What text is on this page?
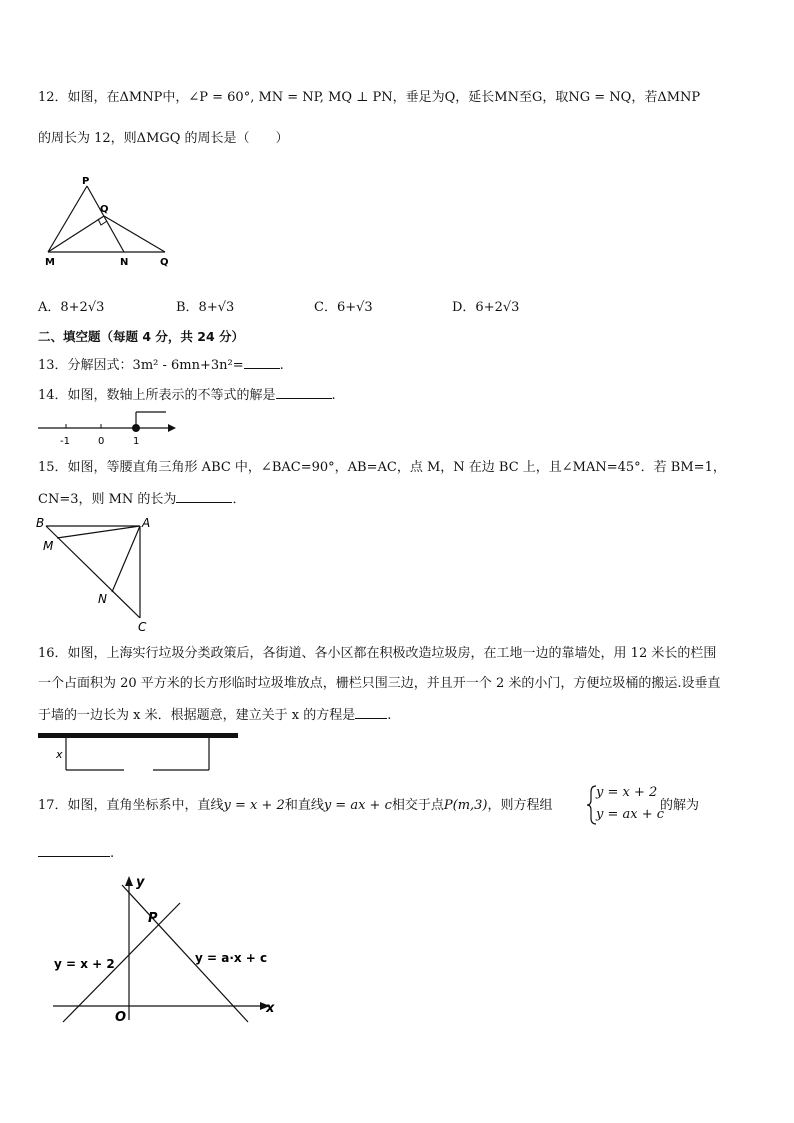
12．如图，在ΔMNP中，∠P = 60°, MN = NP, MQ ⊥ PN，垂足为Q，延长MN至G，取NG = NQ，若ΔMNP
的周长为 12，则ΔMGQ 的周长是（　　）
P
Q
M	N	Q
A．8+2√3	B．8+√3	C．6+√3	D．6+2√3
二、填空题（每题 4 分，共 24 分）
13．分解因式：3m² - 6mn+3n²=	.
14．如图，数轴上所表示的不等式的解是	.
-1	0	1
15．如图，等腰直角三角形 ABC 中，∠BAC=90°，AB=AC，点 M，N 在边 BC 上，且∠MAN=45°．若 BM=1，
CN=3，则 MN 的长为	．
B	A
M
N
C
16．如图，上海实行垃圾分类政策后，各街道、各小区都在积极改造垃圾房，在工地一边的靠墙处，用 12 米长的栏围
一个占面积为 20 平方米的长方形临时垃圾堆放点，栅栏只围三边，并且开一个 2 米的小门，方便垃圾桶的搬运.设垂直
于墙的一边长为 x 米．根据题意，建立关于 x 的方程是 .
x
17．如图，直角坐标系中，直线y = x + 2和直线y = ax + c相交于点P(m,3)，则方程组
y = x + 2
y = ax + c
的解为
.
y
x
O
P
y = x + 2	y = a·x + c
